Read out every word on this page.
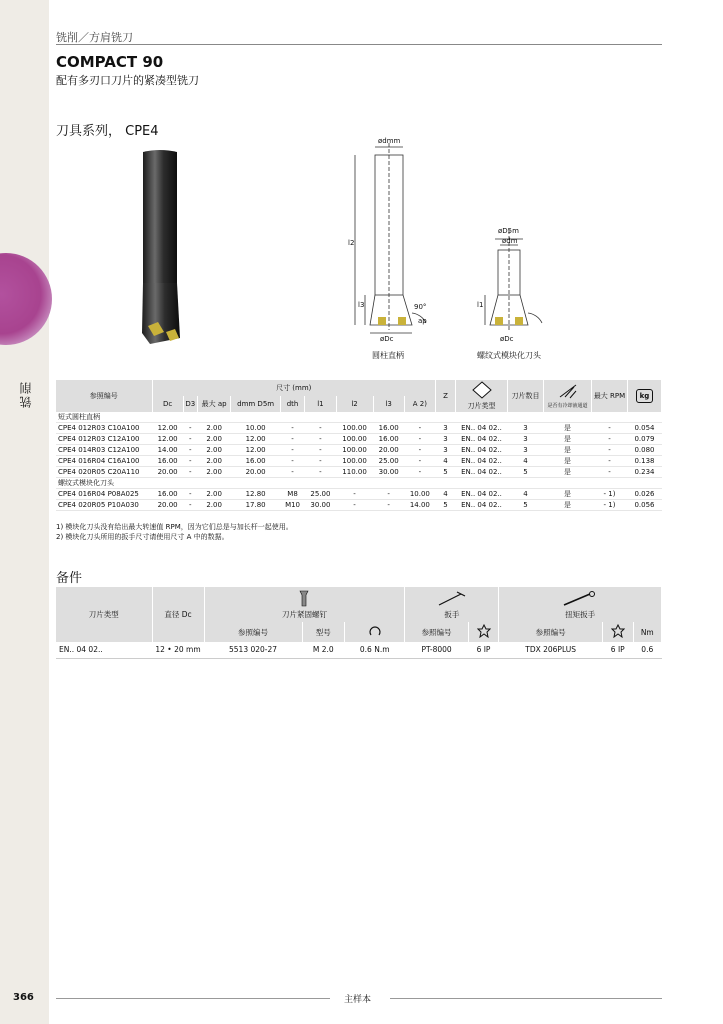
铣削
366
铣削／方肩铣刀
COMPACT 90
配有多刃口刀片的紧凑型铣刀
刀具系列， CPE4
ødmm
l2
l3	90°
ap
øDc
øD5m
ødm
l1
øDc
圆柱直柄	螺纹式模块化刀头
参照编号	尺寸 (mm)									Z	刀片类型	刀片数目	是否有冷却液通道	最大 RPM	kg
	Dc	D3	最大 ap	dmm D5m	dth	l1	l2	l3	A 2)						
短式圆柱直柄															
CPE4 012R03 C10A100	12.00	-	2.00	10.00	-	-	100.00	16.00	-	3	EN.. 04 02..	3	是	-	0.054
CPE4 012R03 C12A100	12.00	-	2.00	12.00	-	-	100.00	16.00	-	3	EN.. 04 02..	3	是	-	0.079
CPE4 014R03 C12A100	14.00	-	2.00	12.00	-	-	100.00	20.00	-	3	EN.. 04 02..	3	是	-	0.080
CPE4 016R04 C16A100	16.00	-	2.00	16.00	-	-	100.00	25.00	-	4	EN.. 04 02..	4	是	-	0.138
CPE4 020R05 C20A110	20.00	-	2.00	20.00	-	-	110.00	30.00	-	5	EN.. 04 02..	5	是	-	0.234
螺纹式模块化刀头															
CPE4 016R04 P08A025	16.00	-	2.00	12.80	M8	25.00	-	-	10.00	4	EN.. 04 02..	4	是	- 1)	0.026
CPE4 020R05 P10A030	20.00	-	2.00	17.80	M10	30.00	-	-	14.00	5	EN.. 04 02..	5	是	- 1)	0.056
1) 模块化刀头没有给出最大转速值 RPM，因为它们总是与加长杆一起使用。
2) 模块化刀头所用的扳手尺寸请使用尺寸 A 中的数据。
备件
刀片类型	直径 Dc	刀片紧固螺钉			扳手		扭矩扳手		
		参照编号	型号		参照编号		参照编号		Nm
EN.. 04 02..	12 • 20 mm	5513 020-27	M 2.0	0.6 N.m	PT-8000	6 IP	TDX 206PLUS	6 IP	0.6
主样本
